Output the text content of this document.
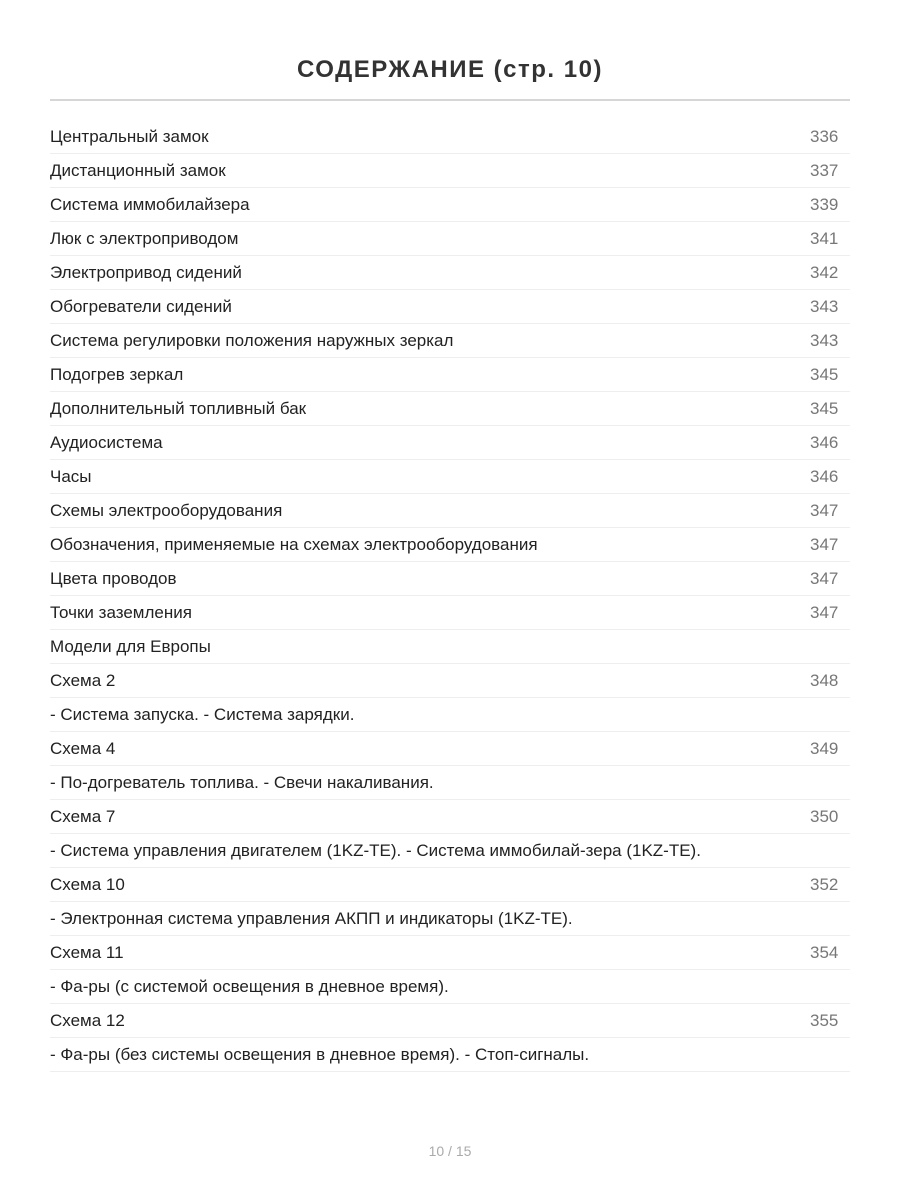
СОДЕРЖАНИЕ (стр. 10)
Центральный замок	336
Дистанционный замок	337
Система иммобилайзера	339
Люк с электроприводом	341
Электропривод сидений	342
Обогреватели сидений	343
Система регулировки положения наружных зеркал	343
Подогрев зеркал	345
Дополнительный топливный бак	345
Аудиосистема	346
Часы	346
Схемы электрооборудования	347
Обозначения, применяемые на схемах электрооборудования	347
Цвета проводов	347
Точки заземления	347
Модели для Европы
Схема 2	348
- Система запуска. - Система зарядки.
Схема 4	349
- По-догреватель топлива. - Свечи накаливания.
Схема 7	350
- Система управления двигателем (1KZ-TE). - Система иммобилай-зера (1KZ-TE).
Схема 10	352
- Электронная система управления АКПП и индикаторы (1KZ-TE).
Схема 11	354
- Фа-ры (с системой освещения в дневное время).
Схема 12	355
- Фа-ры (без системы освещения в дневное время). - Стоп-сигналы.
10 / 15
